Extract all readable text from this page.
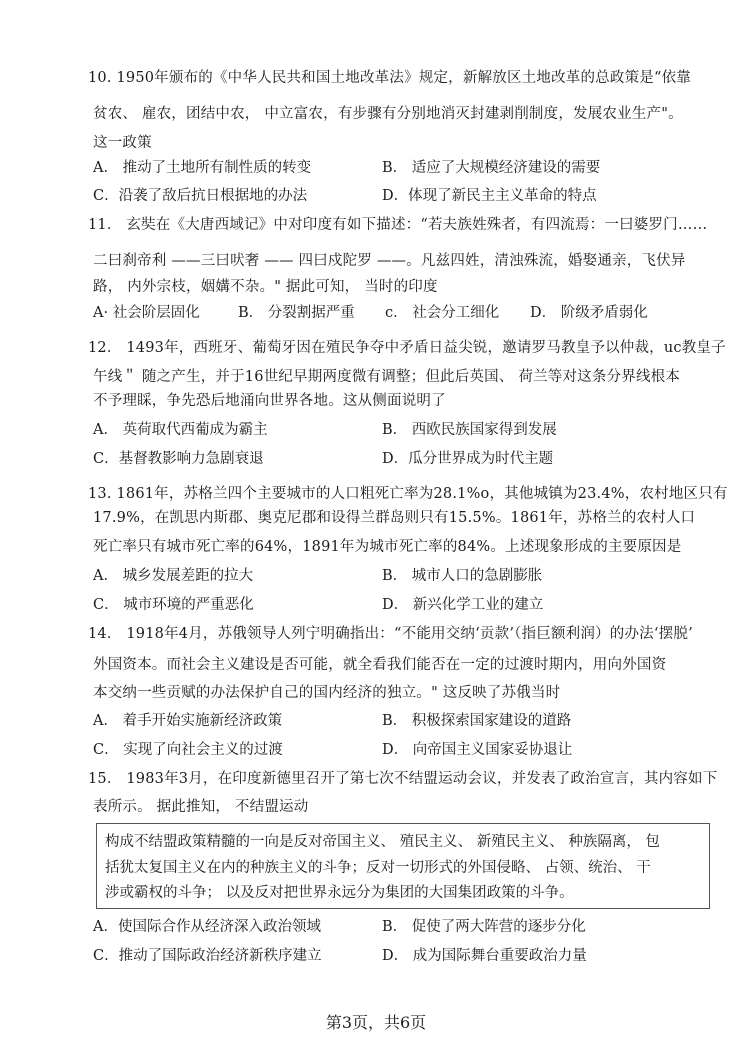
10. 1950年颁布的《中华人民共和国土地改革法》规定，新解放区土地改革的总政策是“依靠
贫农、 雇农，团结中农， 中立富农，有步骤有分别地消灭封建剥削制度，发展农业生产"。
这一政策
A． 推动了土地所有制性质的转变	B． 适应了大规模经济建设的需要
C．沿袭了敌后抗日根据地的办法	D．体现了新民主主义革命的特点
11． 玄奘在《大唐西域记》中对印度有如下描述：“若夫族姓殊者，有四流焉：一曰婆罗门……
二曰刹帝利 ——三曰吠奢 —— 四曰戍陀罗 ——。凡兹四姓，清浊殊流，婚娶通亲，飞伏异
路， 内外宗枝，姻媾不杂。" 据此可知， 当时的印度
A· 社会阶层固化	B． 分裂割据严重 c． 社会分工细化 D． 阶级矛盾弱化
12． 1493年，西班牙、葡萄牙因在殖民争夺中矛盾日益尖锐，邀请罗马教皇予以仲裁，uc教皇子
午线＂ 随之产生，并于16世纪早期两度微有调整；但此后英国、 荷兰等对这条分界线根本
不予理睬，争先恐后地涌向世界各地。这从侧面说明了
A． 英荷取代西葡成为霸主	B． 西欧民族国家得到发展
C．基督教影响力急剧衰退	D．瓜分世界成为时代主题
13. 1861年，苏格兰四个主要城市的人口粗死亡率为28.1%o，其他城镇为23.4%，农村地区只有
17.9%，在凯思内斯郡、奥克尼郡和设得兰群岛则只有15.5%。1861年，苏格兰的农村人口
死亡率只有城市死亡率的64%，1891年为城市死亡率的84%。上述现象形成的主要原因是
A． 城乡发展差距的拉大	B． 城市人口的急剧膨胀
C． 城市环境的严重恶化	D． 新兴化学工业的建立
14． 1918年4月，苏俄领导人列宁明确指出：“不能用交纳‘贡款’（指巨额利润）的办法‘摆脱’
外国资本。而社会主义建设是否可能，就全看我们能否在一定的过渡时期内，用向外国资
本交纳一些贡赋的办法保护自己的国内经济的独立。" 这反映了苏俄当时
A． 着手开始实施新经济政策	B． 积极探索国家建设的道路
C． 实现了向社会主义的过渡	D． 向帝国主义国家妥协退让
15． 1983年3月，在印度新德里召开了第七次不结盟运动会议，并发表了政治宣言，其内容如下
表所示。 据此推知， 不结盟运动
构成不结盟政策精髓的一向是反对帝国主义、 殖民主义、 新殖民主义、 种族隔离， 包
括犹太复国主义在内的种族主义的斗争；反对一切形式的外国侵略、 占领、统治、 干
涉或霸权的斗争； 以及反对把世界永远分为集团的大国集团政策的斗争。
A．使国际合作从经济深入政治领域	B． 促使了两大阵营的逐步分化
C．推动了国际政治经济新秩序建立	D． 成为国际舞台重要政治力量
第3页，共6页
